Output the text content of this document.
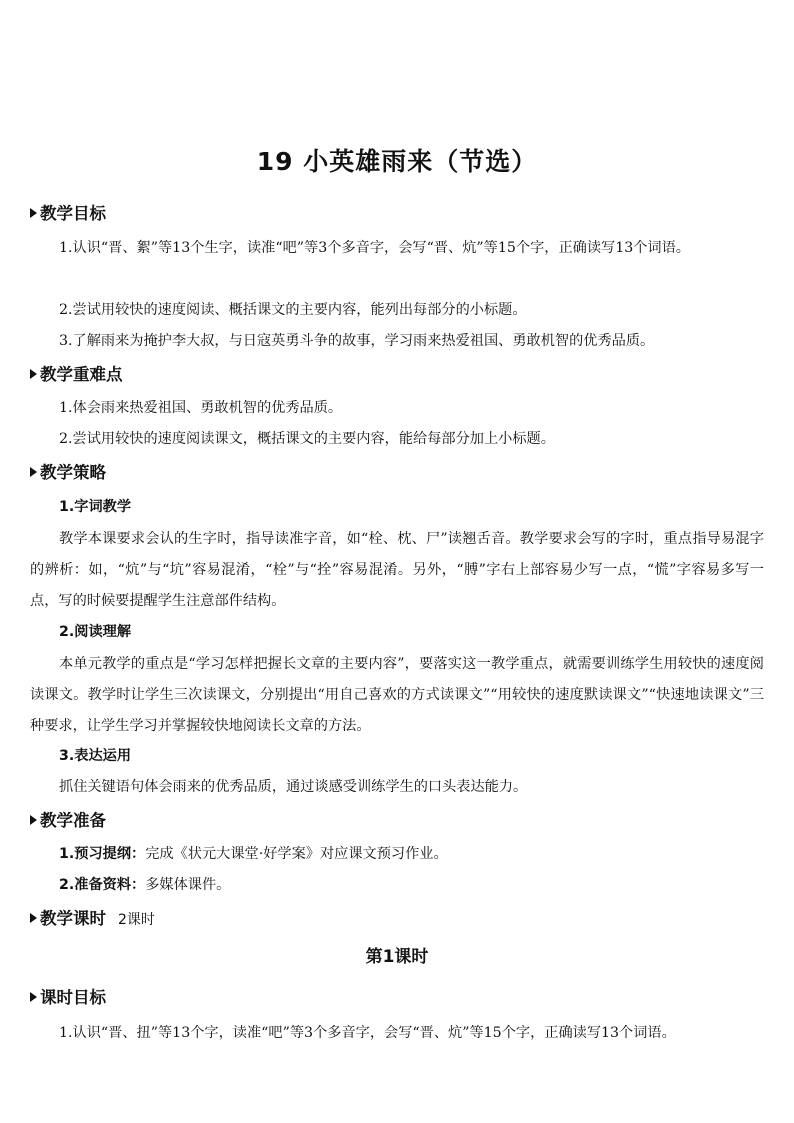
19 小英雄雨来（节选）
教学目标

1.认识“晋、絮”等13个生字，读准“吧”等3个多音字，会写“晋、炕”等15个字，正确读写13个词语。

2.尝试用较快的速度阅读、概括课文的主要内容，能列出每部分的小标题。

3.了解雨来为掩护李大叔，与日寇英勇斗争的故事，学习雨来热爱祖国、勇敢机智的优秀品质。

教学重难点

1.体会雨来热爱祖国、勇敢机智的优秀品质。

2.尝试用较快的速度阅读课文，概括课文的主要内容，能给每部分加上小标题。

教学策略
1.字词教学

教学本课要求会认的生字时，指导读准字音，如“栓、枕、尸”读翘舌音。教学要求会写的字时，重点指导易混字的辨析：如，“炕”与“坑”容易混淆，“栓”与“拴”容易混淆。另外，“膊”字右上部容易少写一点，“慌”字容易多写一点，写的时候要提醒学生注意部件结构。

2.阅读理解

本单元教学的重点是“学习怎样把握长文章的主要内容”，要落实这一教学重点，就需要训练学生用较快的速度阅读课文。教学时让学生三次读课文，分别提出“用自己喜欢的方式读课文”“用较快的速度默读课文”“快速地读课文”三种要求，让学生学习并掌握较快地阅读长文章的方法。

3.表达运用

抓住关键语句体会雨来的优秀品质，通过谈感受训练学生的口头表达能力。

教学准备
1.预习提纲：完成《状元大课堂·好学案》对应课文预习作业。
2.准备资料：多媒体课件。
教学课时 2课时
第1课时
课时目标

1.认识“晋、扭”等13个字，读准“吧”等3个多音字，会写“晋、炕”等15个字，正确读写13个词语。
